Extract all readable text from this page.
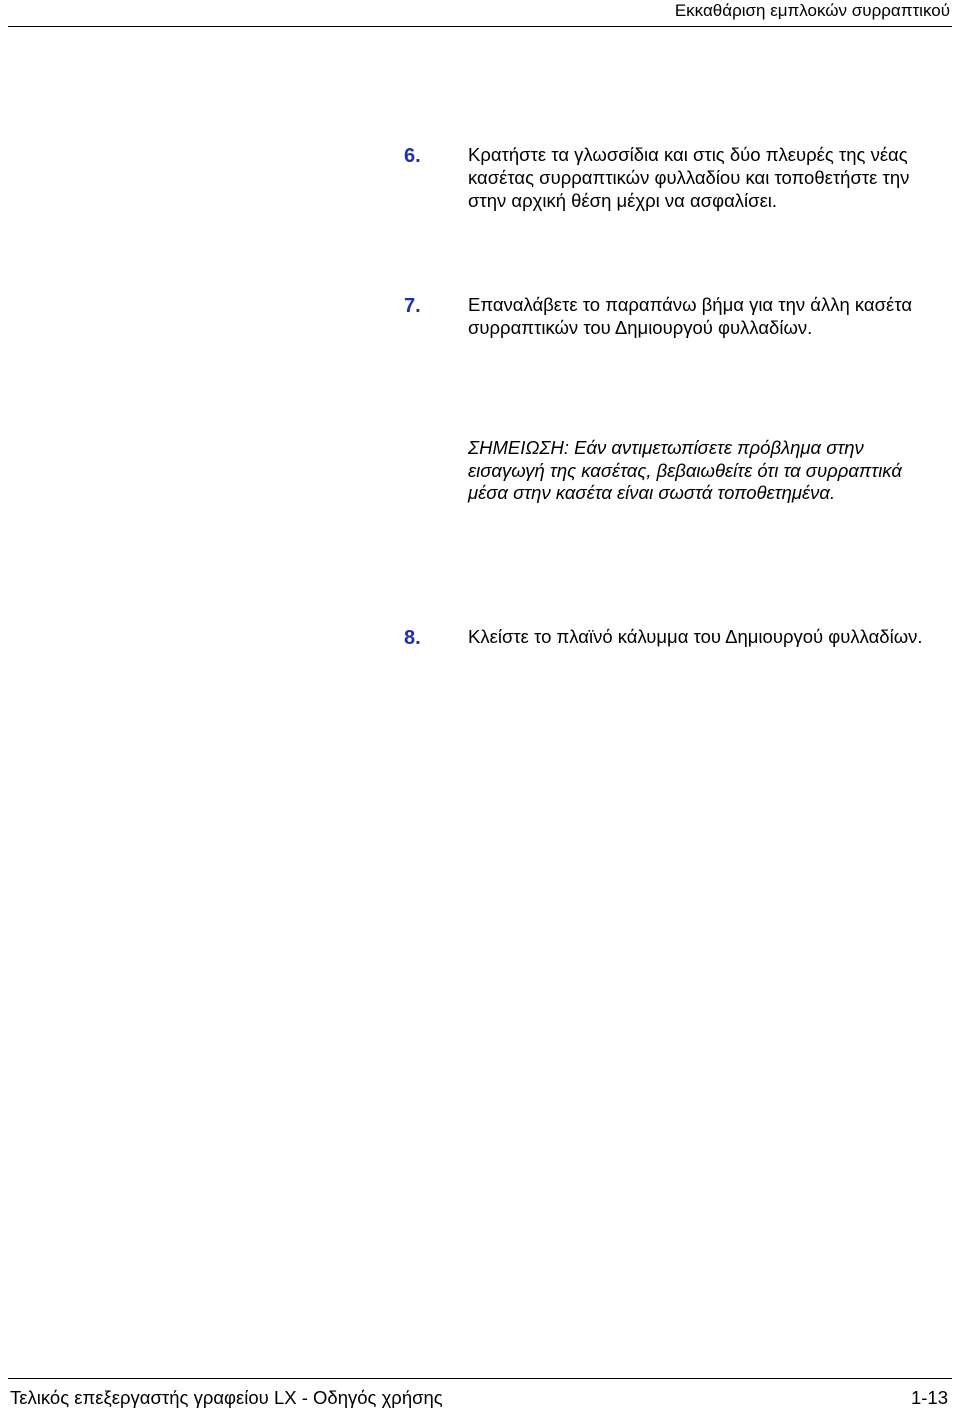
Εκκαθάριση εμπλοκών συρραπτικού
6.	Κρατήστε τα γλωσσίδια και στις δύο πλευρές της νέας κασέτας συρραπτικών φυλλαδίου και τοποθετήστε την στην αρχική θέση μέχρι να ασφαλίσει.
7.	Επαναλάβετε το παραπάνω βήμα για την άλλη κασέτα συρραπτικών του Δημιουργού φυλλαδίων.
ΣΗΜΕΙΩΣΗ: Εάν αντιμετωπίσετε πρόβλημα στην εισαγωγή της κασέτας, βεβαιωθείτε ότι τα συρραπτικά μέσα στην κασέτα είναι σωστά τοποθετημένα.
8.	Κλείστε το πλαϊνό κάλυμμα του Δημιουργού φυλλαδίων.
Τελικός επεξεργαστής γραφείου LX - Οδηγός χρήσης	1-13
